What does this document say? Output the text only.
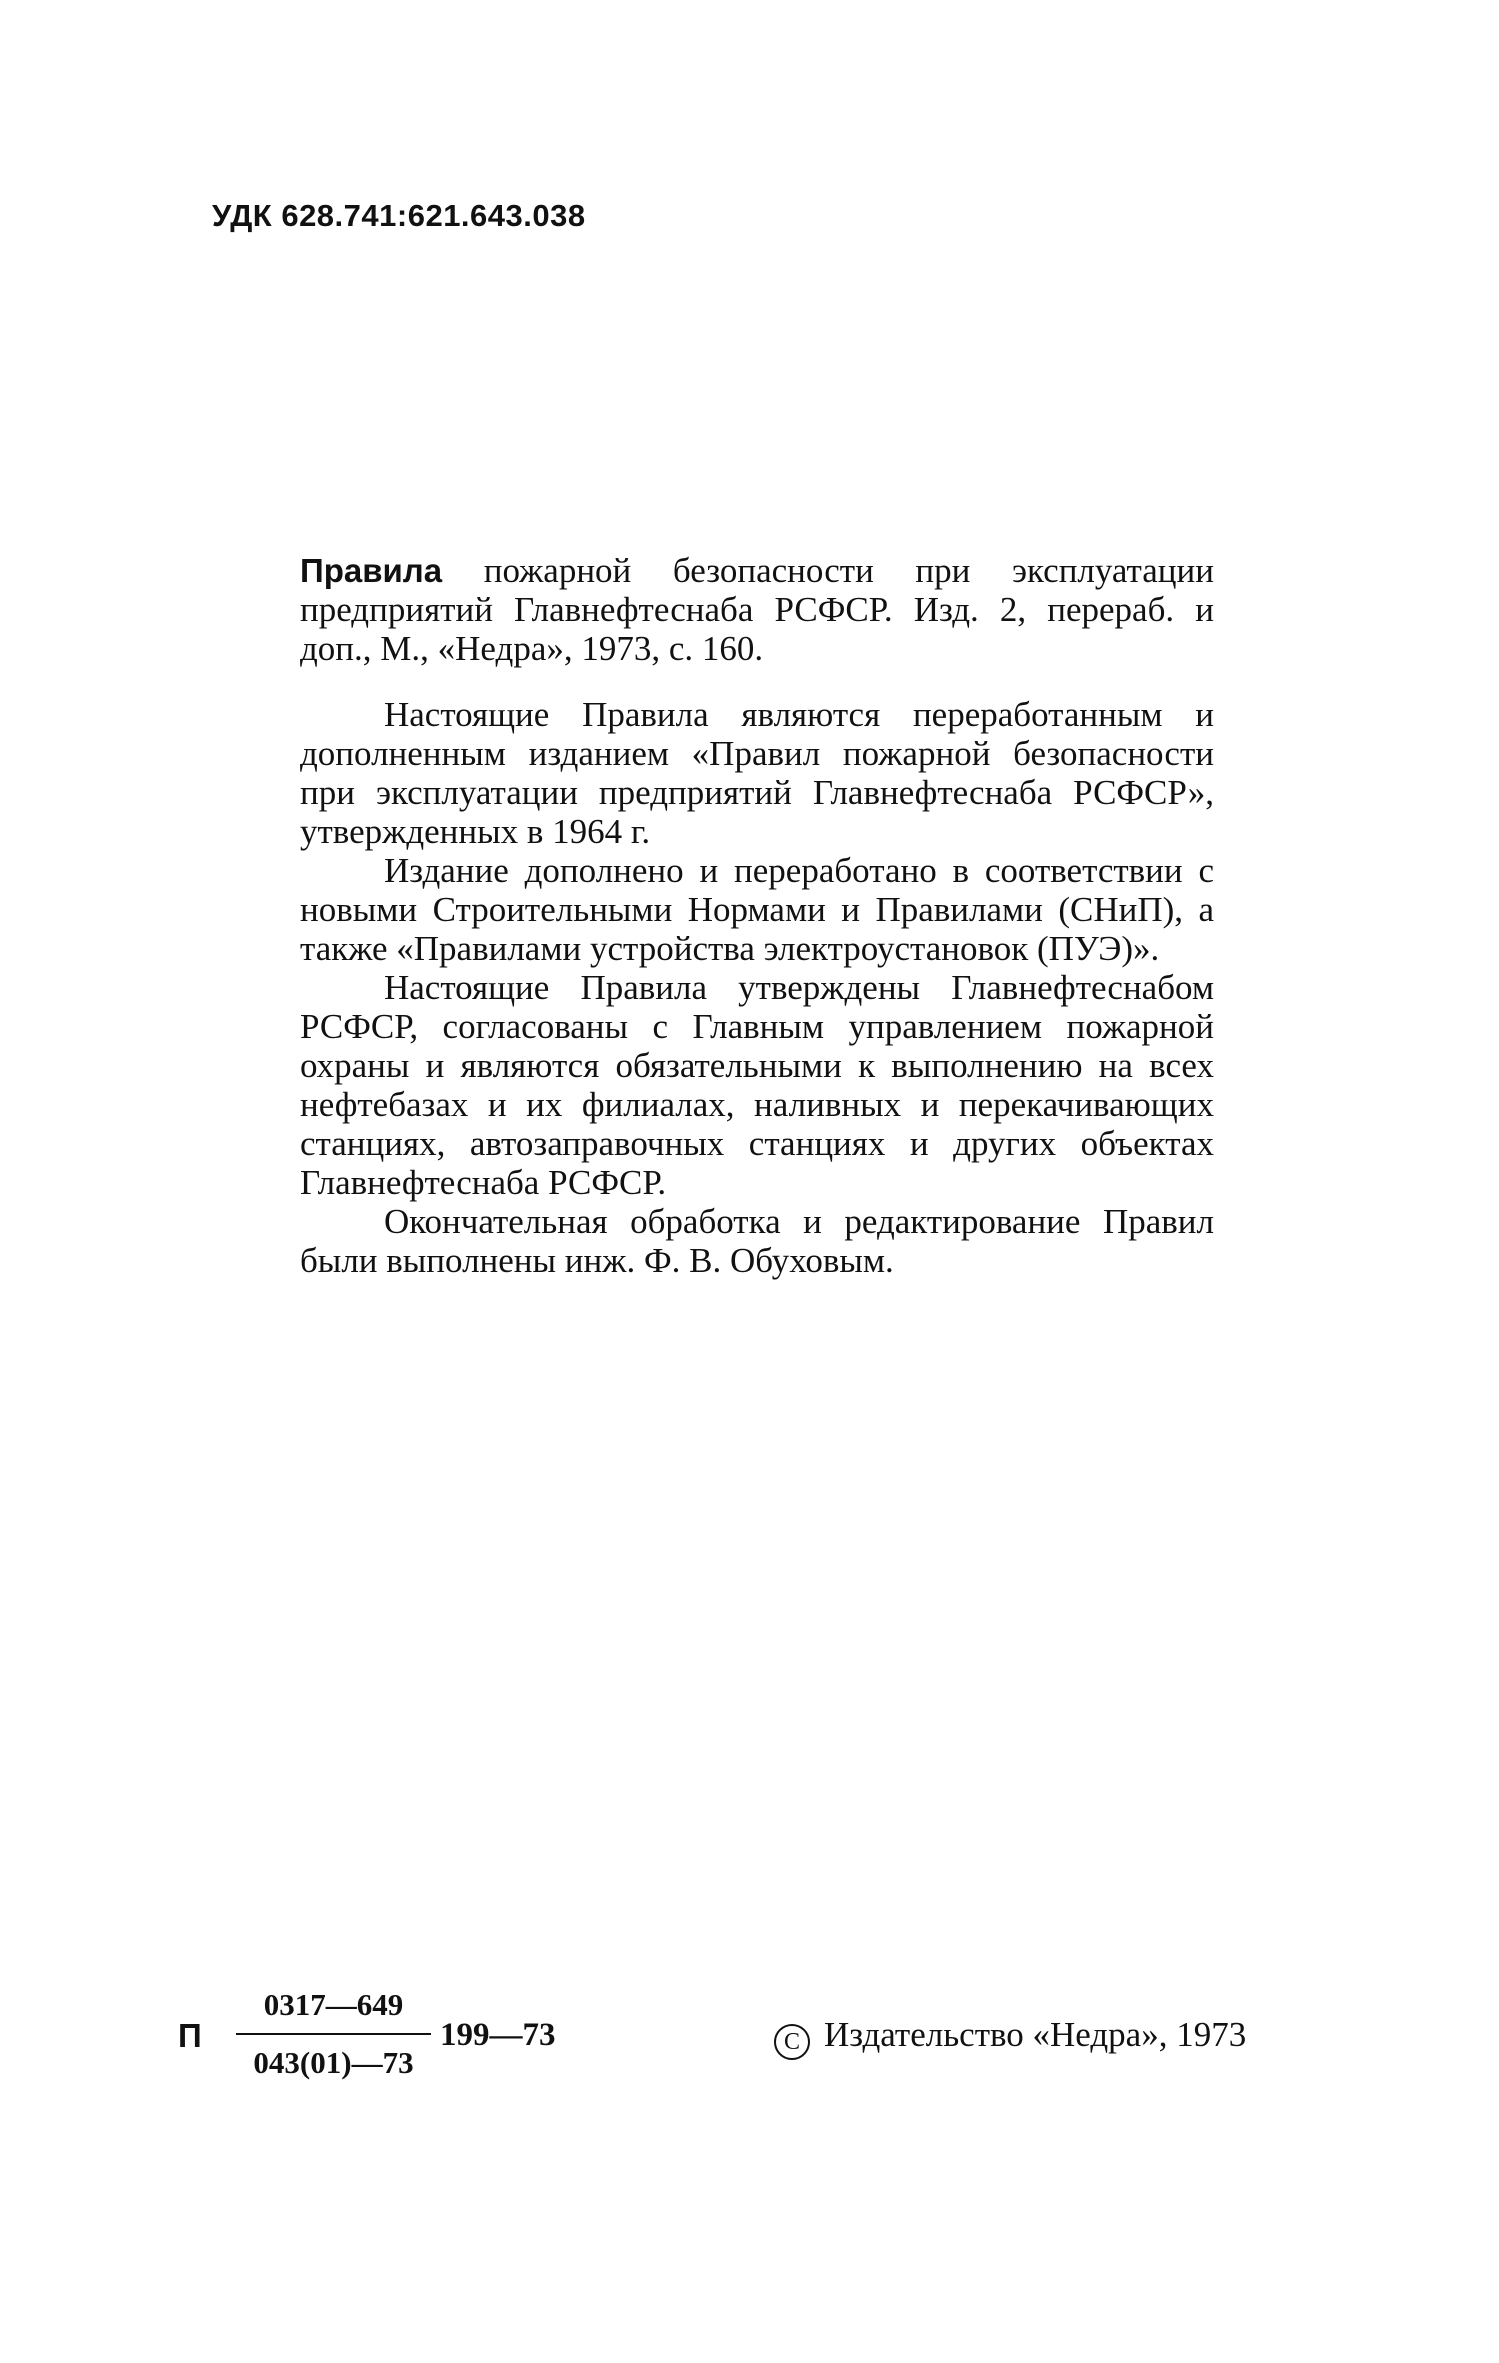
УДК 628.741:621.643.038

Правила пожарной безопасности при эксплуатации предприятий Главнефтеснаба РСФСР. Изд. 2, перераб. и доп., М., «Недра», 1973, с. 160.

Настоящие Правила являются переработанным и дополненным изданием «Правил пожарной безопасности при эксплуатации предприятий Главнефтеснаба РСФСР», утвержденных в 1964 г.

Издание дополнено и переработано в соответствии с новыми Строительными Нормами и Правилами (СНиП), а также «Правилами устройства электроустановок (ПУЭ)».

Настоящие Правила утверждены Главнефтеснабом РСФСР, согласованы с Главным управлением пожарной охраны и являются обязательными к выполнению на всех нефтебазах и их филиалах, наливных и перекачивающих станциях, автозаправочных станциях и других объектах Главнефтеснаба РСФСР.

Окончательная обработка и редактирование Правил были выполнены инж. Ф. В. Обуховым.

П
0317—649
043(01)—73
199—73	C Издательство «Недра», 1973
